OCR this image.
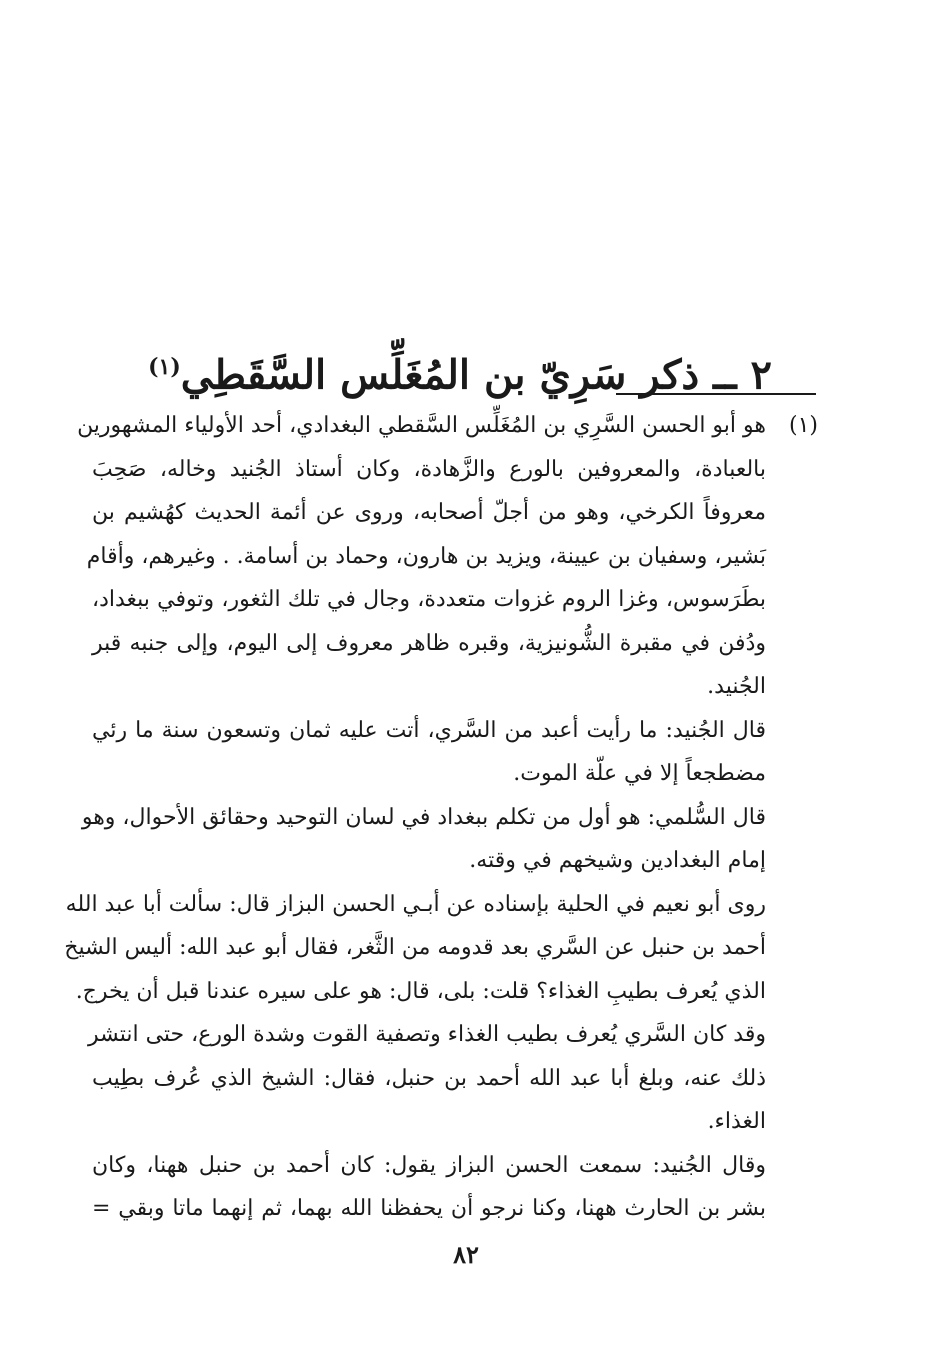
٢ ــ ذكر سَرِيّ بن المُغَلِّس السَّقَطِي$^{(١)}$
(١)
هو أبو الحسن السَّرِي بن المُغَلِّس السَّقطي البغدادي، أحد الأولياء المشهورين
بالعبادة، والمعروفين بالورع والزَّهادة، وكان أستاذ الجُنيد وخاله، صَحِبَ
معروفاً الكرخي، وهو من أجلّ أصحابه، وروى عن أئمة الحديث كهُشيم بن
بَشير، وسفيان بن عيينة، ويزيد بن هارون، وحماد بن أسامة. . وغيرهم، وأقام
بطَرَسوس، وغزا الروم غزوات متعددة، وجال في تلك الثغور، وتوفي ببغداد،
ودُفن في مقبرة الشُّونيزية، وقبره ظاهر معروف إلى اليوم، وإلى جنبه قبر
الجُنيد.
قال الجُنيد: ما رأيت أعبد من السَّري، أتت عليه ثمان وتسعون سنة ما رئي
مضطجعاً إلا في علّة الموت.
قال السُّلمي: هو أول من تكلم ببغداد في لسان التوحيد وحقائق الأحوال، وهو
إمام البغدادين وشيخهم في وقته.
روى أبو نعيم في الحلية بإسناده عن أبـي الحسن البزاز قال: سألت أبا عبد الله
أحمد بن حنبل عن السَّري بعد قدومه من الثَّغر، فقال أبو عبد الله: أليس الشيخ
الذي يُعرف بطيبِ الغذاء؟ قلت: بلى، قال: هو على سيره عندنا قبل أن يخرج.
وقد كان السَّري يُعرف بطيب الغذاء وتصفية القوت وشدة الورع، حتى انتشر
ذلك عنه، وبلغ أبا عبد الله أحمد بن حنبل، فقال: الشيخ الذي عُرف بطِيب
الغذاء.
وقال الجُنيد: سمعت الحسن البزاز يقول: كان أحمد بن حنبل ههنا، وكان
بشر بن الحارث ههنا، وكنا نرجو أن يحفظنا الله بهما، ثم إنهما ماتا وبقي =
٨٢
